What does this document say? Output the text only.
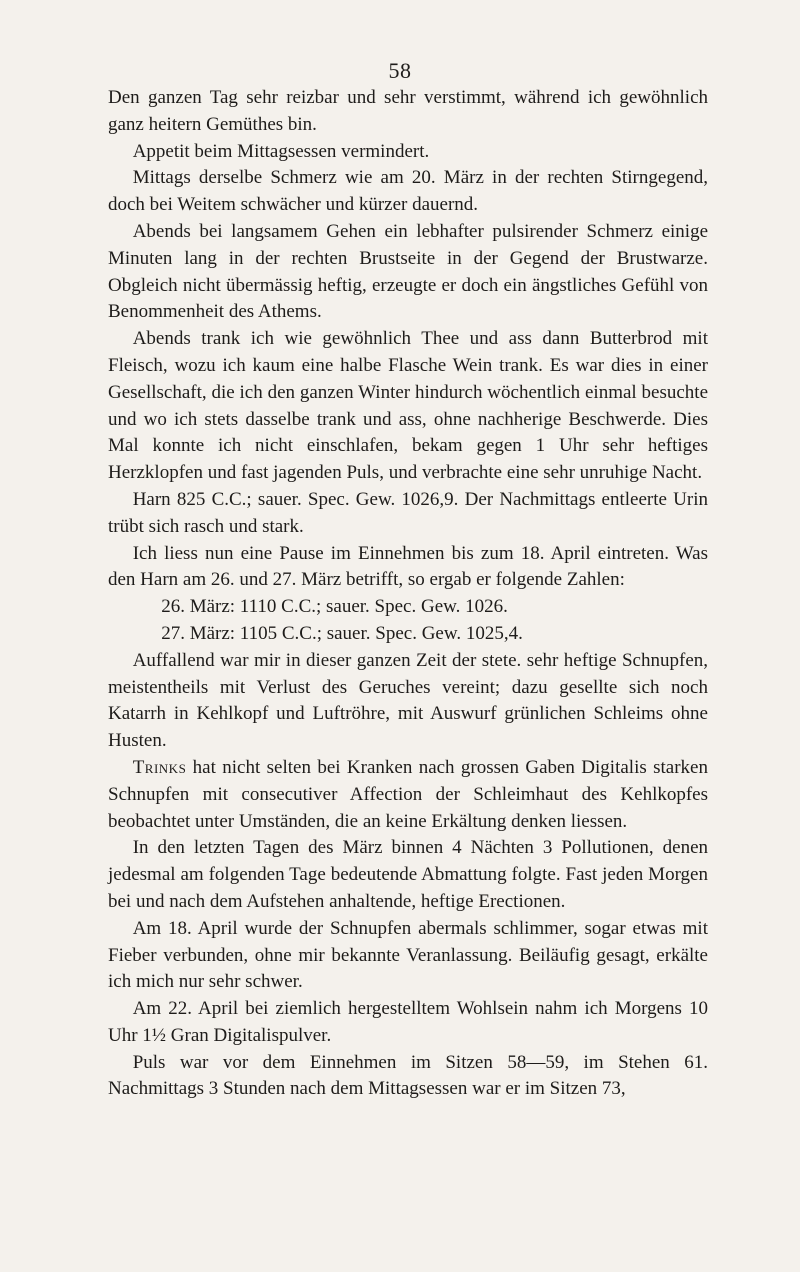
58

Den ganzen Tag sehr reizbar und sehr verstimmt, während ich gewöhnlich ganz heitern Gemüthes bin.

Appetit beim Mittagsessen vermindert.

Mittags derselbe Schmerz wie am 20. März in der rechten Stirngegend, doch bei Weitem schwächer und kürzer dauernd.

Abends bei langsamem Gehen ein lebhafter pulsirender Schmerz einige Minuten lang in der rechten Brustseite in der Gegend der Brustwarze. Obgleich nicht übermässig heftig, erzeugte er doch ein ängstliches Gefühl von Benommenheit des Athems.

Abends trank ich wie gewöhnlich Thee und ass dann Butterbrod mit Fleisch, wozu ich kaum eine halbe Flasche Wein trank. Es war dies in einer Gesellschaft, die ich den ganzen Winter hindurch wöchentlich einmal besuchte und wo ich stets dasselbe trank und ass, ohne nachherige Beschwerde. Dies Mal konnte ich nicht einschlafen, bekam gegen 1 Uhr sehr heftiges Herzklopfen und fast jagenden Puls, und verbrachte eine sehr unruhige Nacht.

Harn 825 C.C.; sauer. Spec. Gew. 1026,9. Der Nachmittags entleerte Urin trübt sich rasch und stark.

Ich liess nun eine Pause im Einnehmen bis zum 18. April eintreten. Was den Harn am 26. und 27. März betrifft, so ergab er folgende Zahlen:

26. März: 1110 C.C.; sauer. Spec. Gew. 1026.

27. März: 1105 C.C.; sauer. Spec. Gew. 1025,4.

Auffallend war mir in dieser ganzen Zeit der stete. sehr heftige Schnupfen, meistentheils mit Verlust des Geruches vereint; dazu gesellte sich noch Katarrh in Kehlkopf und Luftröhre, mit Auswurf grünlichen Schleims ohne Husten.

Trinks hat nicht selten bei Kranken nach grossen Gaben Digitalis starken Schnupfen mit consecutiver Affection der Schleimhaut des Kehlkopfes beobachtet unter Umständen, die an keine Erkältung denken liessen.

In den letzten Tagen des März binnen 4 Nächten 3 Pollutionen, denen jedesmal am folgenden Tage bedeutende Abmattung folgte. Fast jeden Morgen bei und nach dem Aufstehen anhaltende, heftige Erectionen.

Am 18. April wurde der Schnupfen abermals schlimmer, sogar etwas mit Fieber verbunden, ohne mir bekannte Veranlassung. Beiläufig gesagt, erkälte ich mich nur sehr schwer.

Am 22. April bei ziemlich hergestelltem Wohlsein nahm ich Morgens 10 Uhr 1½ Gran Digitalispulver.

Puls war vor dem Einnehmen im Sitzen 58—59, im Stehen 61. Nachmittags 3 Stunden nach dem Mittagsessen war er im Sitzen 73,
